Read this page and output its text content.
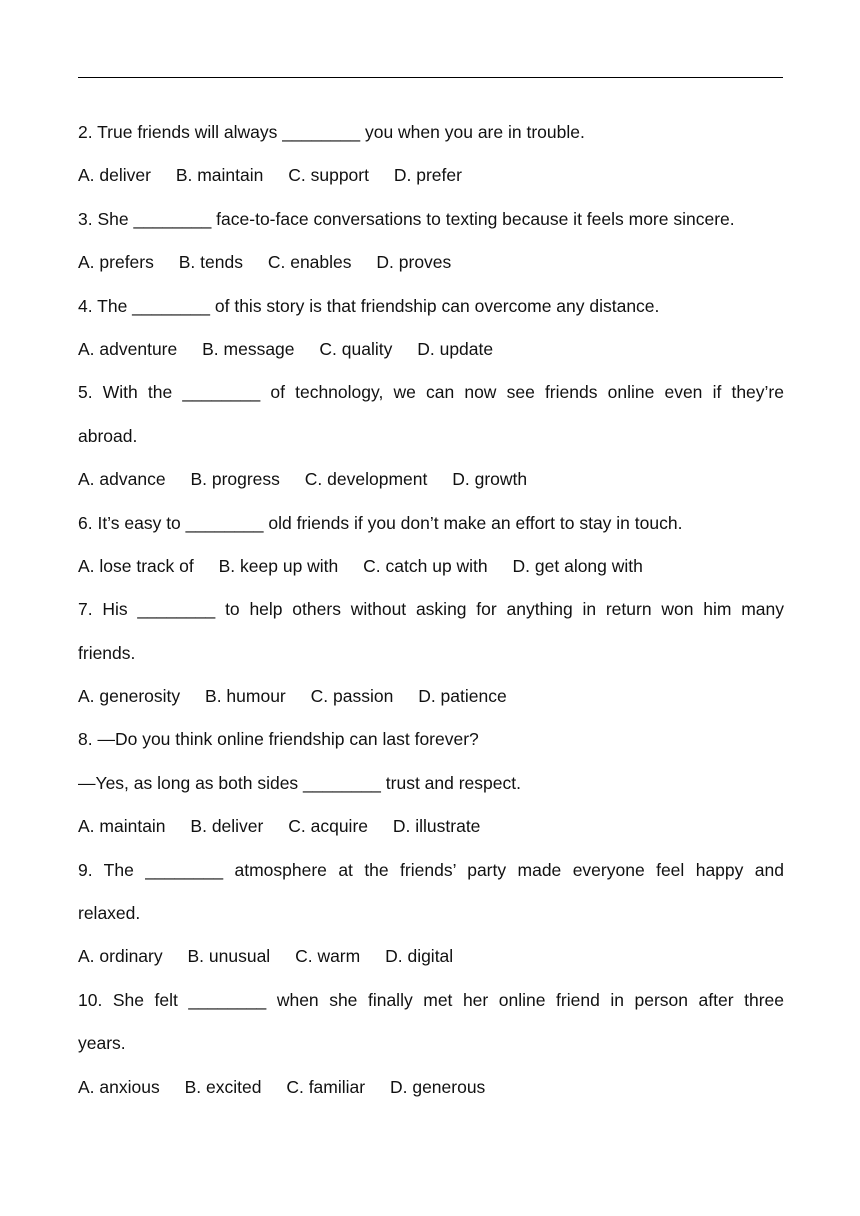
2. True friends will always ________ you when you are in trouble.
A. deliver B. maintain C. support D. prefer
3. She ________ face-to-face conversations to texting because it feels more sincere.
A. prefers B. tends C. enables D. proves
4. The ________ of this story is that friendship can overcome any distance.
A. adventure B. message C. quality D. update
5. With the ________ of technology, we can now see friends online even if they’re
abroad.
A. advance B. progress C. development D. growth
6. It’s easy to ________ old friends if you don’t make an effort to stay in touch.
A. lose track of B. keep up with C. catch up with D. get along with
7. His ________ to help others without asking for anything in return won him many
friends.
A. generosity B. humour C. passion D. patience
8. —Do you think online friendship can last forever?
—Yes, as long as both sides ________ trust and respect.
A. maintain B. deliver C. acquire D. illustrate
9. The ________ atmosphere at the friends’ party made everyone feel happy and
relaxed.
A. ordinary B. unusual C. warm D. digital
10. She felt ________ when she finally met her online friend in person after three
years.
A. anxious B. excited C. familiar D. generous
